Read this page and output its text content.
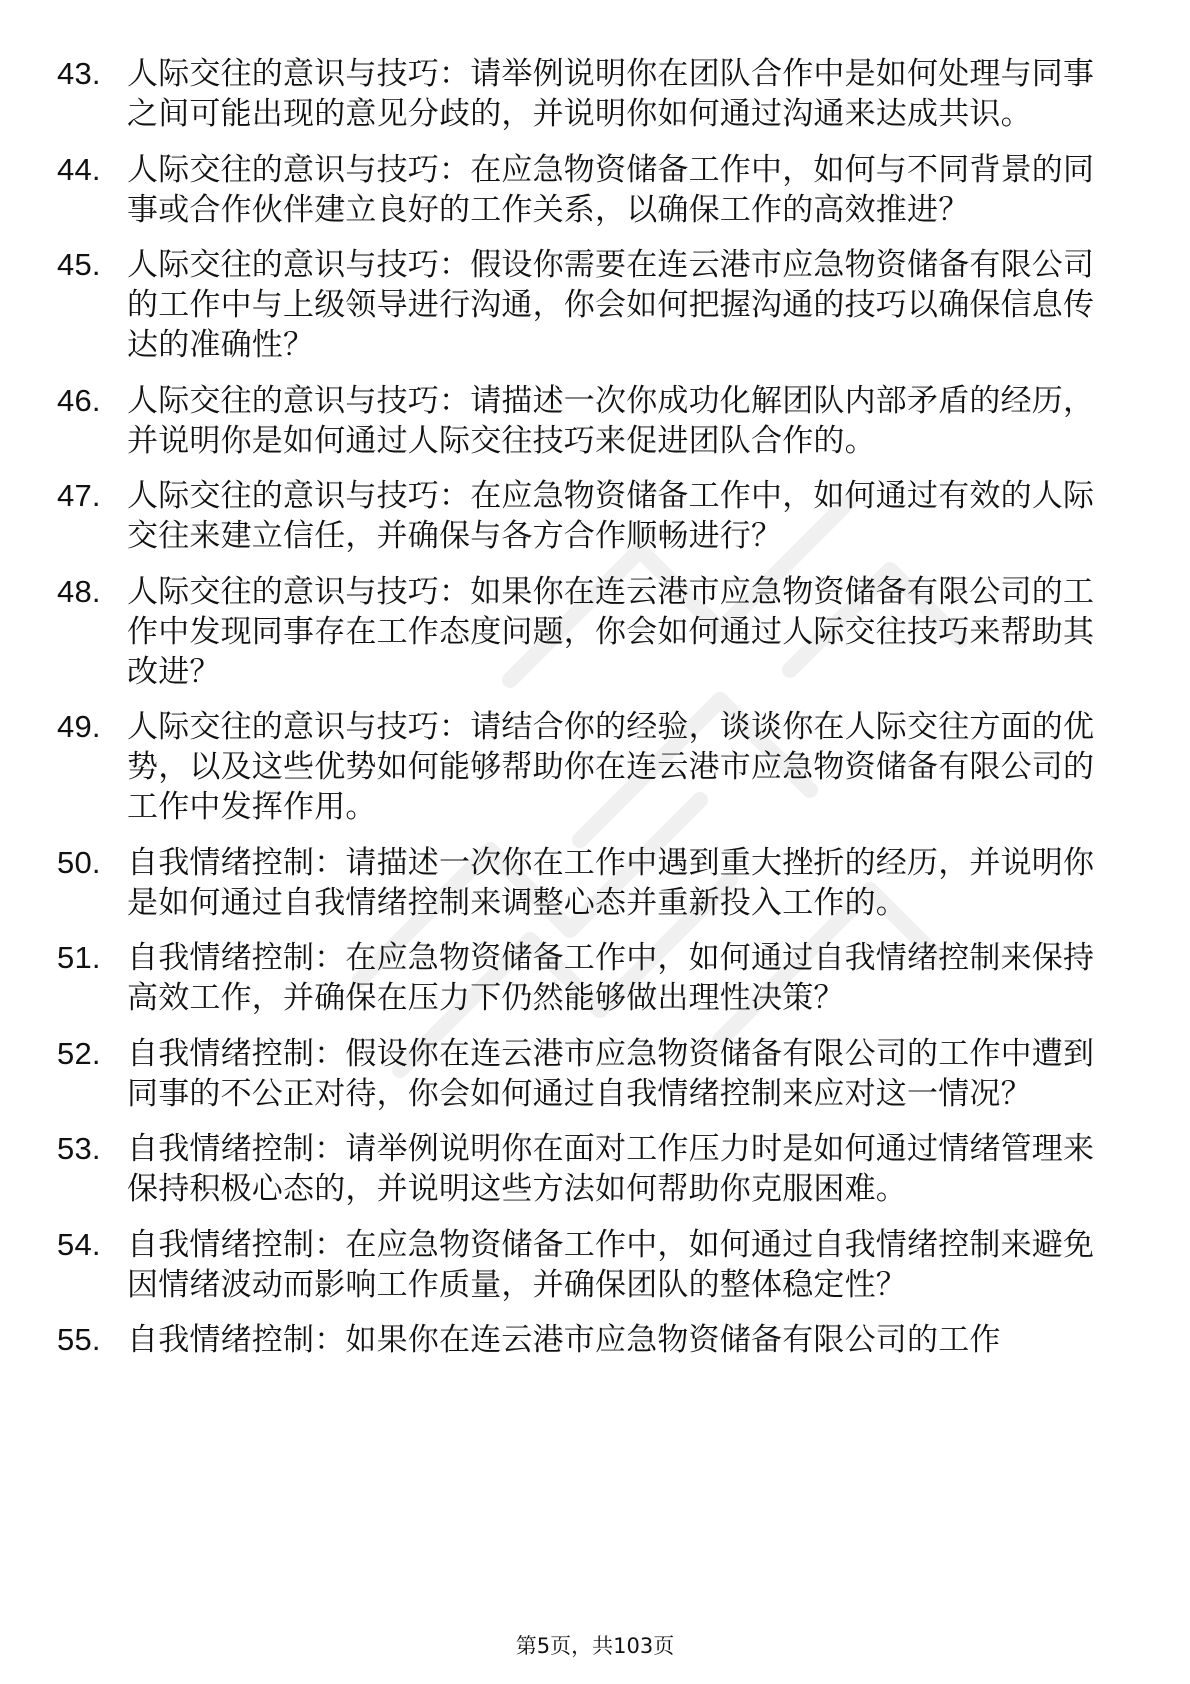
43. 人际交往的意识与技巧：请举例说明你在团队合作中是如何处理与同事之间可能出现的意见分歧的，并说明你如何通过沟通来达成共识。
44. 人际交往的意识与技巧：在应急物资储备工作中，如何与不同背景的同事或合作伙伴建立良好的工作关系，以确保工作的高效推进？
45. 人际交往的意识与技巧：假设你需要在连云港市应急物资储备有限公司的工作中与上级领导进行沟通，你会如何把握沟通的技巧以确保信息传达的准确性？
46. 人际交往的意识与技巧：请描述一次你成功化解团队内部矛盾的经历，并说明你是如何通过人际交往技巧来促进团队合作的。
47. 人际交往的意识与技巧：在应急物资储备工作中，如何通过有效的人际交往来建立信任，并确保与各方合作顺畅进行？
48. 人际交往的意识与技巧：如果你在连云港市应急物资储备有限公司的工作中发现同事存在工作态度问题，你会如何通过人际交往技巧来帮助其改进？
49. 人际交往的意识与技巧：请结合你的经验，谈谈你在人际交往方面的优势，以及这些优势如何能够帮助你在连云港市应急物资储备有限公司的工作中发挥作用。
50. 自我情绪控制：请描述一次你在工作中遇到重大挫折的经历，并说明你是如何通过自我情绪控制来调整心态并重新投入工作的。
51. 自我情绪控制：在应急物资储备工作中，如何通过自我情绪控制来保持高效工作，并确保在压力下仍然能够做出理性决策？
52. 自我情绪控制：假设你在连云港市应急物资储备有限公司的工作中遭到同事的不公正对待，你会如何通过自我情绪控制来应对这一情况？
53. 自我情绪控制：请举例说明你在面对工作压力时是如何通过情绪管理来保持积极心态的，并说明这些方法如何帮助你克服困难。
54. 自我情绪控制：在应急物资储备工作中，如何通过自我情绪控制来避免因情绪波动而影响工作质量，并确保团队的整体稳定性？
55. 自我情绪控制：如果你在连云港市应急物资储备有限公司的工作
第5页，共103页
